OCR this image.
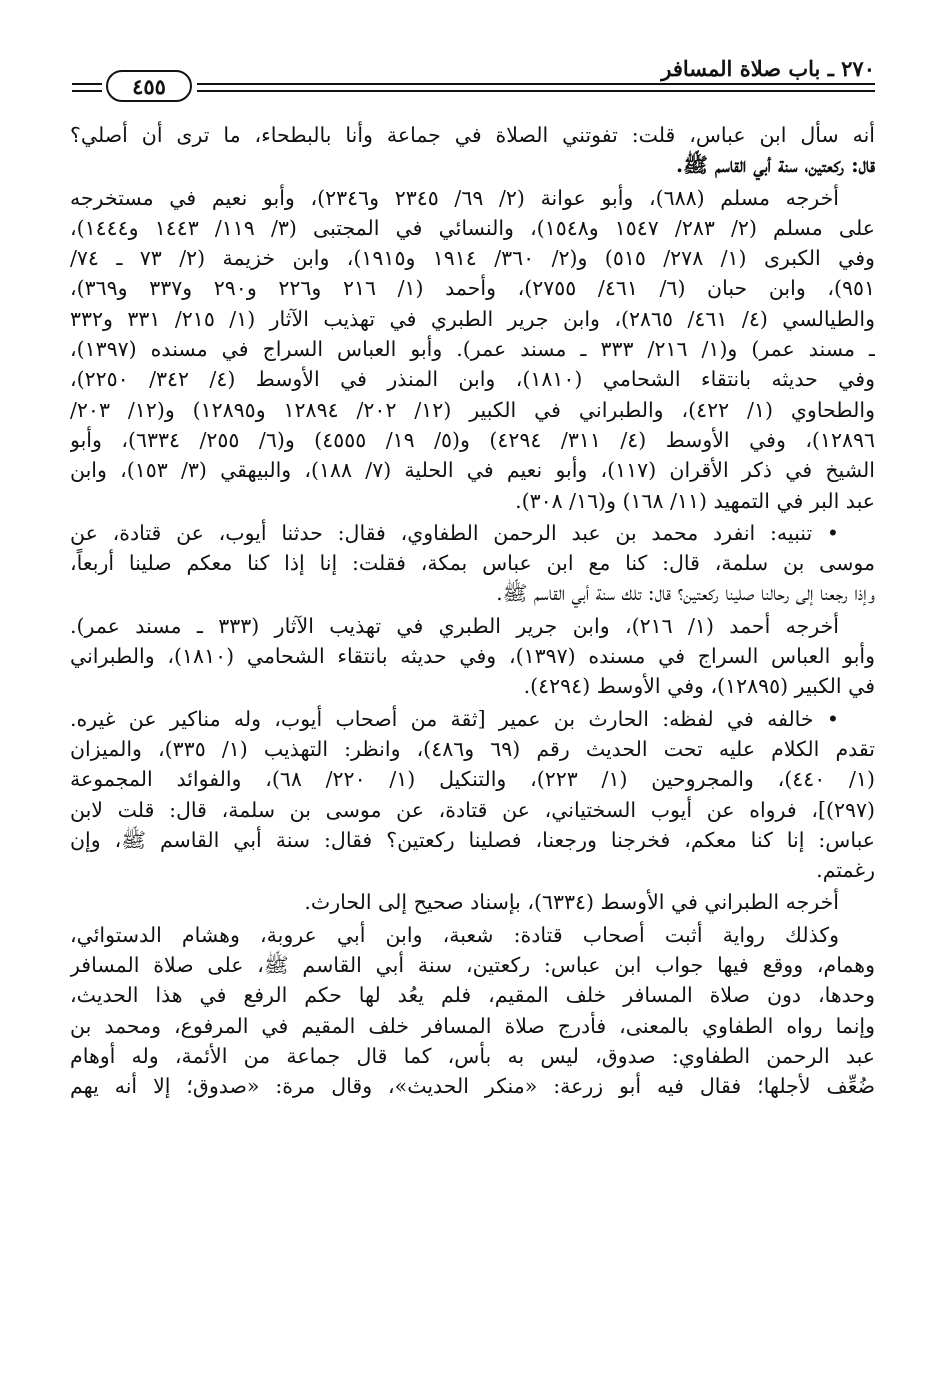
٢٧٠ ـ باب صلاة المسافر
٤٥٥
أنه سأل ابن عباس، قلت: تفوتني الصلاة في جماعة وأنا بالبطحاء، ما ترى أن أصلي؟
قال: ركعتين، سنة أبي القاسم ﷺ.
أخرجه مسلم (٦٨٨)، وأبو عوانة (٢/ ٦٩/ ٢٣٤٥ و٢٣٤٦)، وأبو نعيم في مستخرجه
على مسلم (٢/ ٢٨٣/ ١٥٤٧ و١٥٤٨)، والنسائي في المجتبى (٣/ ١١٩/ ١٤٤٣ و١٤٤٤)،
وفي الكبرى (١/ ٢٧٨/ ٥١٥) و(٢/ ٣٦٠/ ١٩١٤ و١٩١٥)، وابن خزيمة (٢/ ٧٣ ـ ٧٤/
٩٥١)، وابن حبان (٦/ ٤٦١/ ٢٧٥٥)، وأحمد (١/ ٢١٦ و٢٢٦ و٢٩٠ و٣٣٧ و٣٦٩)،
والطيالسي (٤/ ٤٦١/ ٢٨٦٥)، وابن جرير الطبري في تهذيب الآثار (١/ ٢١٥/ ٣٣١ و٣٣٢
ـ مسند عمر) و(١/ ٢١٦/ ٣٣٣ ـ مسند عمر). وأبو العباس السراج في مسنده (١٣٩٧)،
وفي حديثه بانتقاء الشحامي (١٨١٠)، وابن المنذر في الأوسط (٤/ ٣٤٢/ ٢٢٥٠)،
والطحاوي (١/ ٤٢٢)، والطبراني في الكبير (١٢/ ٢٠٢/ ١٢٨٩٤ و١٢٨٩٥) و(١٢/ ٢٠٣/
١٢٨٩٦)، وفي الأوسط (٤/ ٣١١/ ٤٢٩٤) و(٥/ ١٩/ ٤٥٥٥) و(٦/ ٢٥٥/ ٦٣٣٤)، وأبو
الشيخ في ذكر الأقران (١١٧)، وأبو نعيم في الحلية (٧/ ١٨٨)، والبيهقي (٣/ ١٥٣)، وابن
عبد البر في التمهيد (١١/ ١٦٨) و(١٦/ ٣٠٨).
• تنبيه: انفرد محمد بن عبد الرحمن الطفاوي، فقال: حدثنا أيوب، عن قتادة، عن
موسى بن سلمة، قال: كنا مع ابن عباس بمكة، فقلت: إنا إذا كنا معكم صلينا أربعاً،
وإذا رجعنا إلى رحالنا صلينا ركعتين؟ قال: تلك سنة أبي القاسم ﷺ.
أخرجه أحمد (١/ ٢١٦)، وابن جرير الطبري في تهذيب الآثار (٣٣٣ ـ مسند عمر).
وأبو العباس السراج في مسنده (١٣٩٧)، وفي حديثه بانتقاء الشحامي (١٨١٠)، والطبراني
في الكبير (١٢٨٩٥)، وفي الأوسط (٤٢٩٤).
• خالفه في لفظه: الحارث بن عمير [ثقة من أصحاب أيوب، وله مناكير عن غيره.
تقدم الكلام عليه تحت الحديث رقم (٦٩ و٤٨٦)، وانظر: التهذيب (١/ ٣٣٥)، والميزان
(١/ ٤٤٠)، والمجروحين (١/ ٢٢٣)، والتنكيل (١/ ٢٢٠/ ٦٨)، والفوائد المجموعة
(٢٩٧)]، فرواه عن أيوب السختياني، عن قتادة، عن موسى بن سلمة، قال: قلت لابن
عباس: إنا كنا معكم، فخرجنا ورجعنا، فصلينا ركعتين؟ فقال: سنة أبي القاسم ﷺ، وإن
رغمتم.
أخرجه الطبراني في الأوسط (٦٣٣٤)، بإسناد صحيح إلى الحارث.
وكذلك رواية أثبت أصحاب قتادة: شعبة، وابن أبي عروبة، وهشام الدستوائي،
وهمام، ووقع فيها جواب ابن عباس: ركعتين، سنة أبي القاسم ﷺ، على صلاة المسافر
وحدها، دون صلاة المسافر خلف المقيم، فلم يعُد لها حكم الرفع في هذا الحديث،
وإنما رواه الطفاوي بالمعنى، فأدرج صلاة المسافر خلف المقيم في المرفوع، ومحمد بن
عبد الرحمن الطفاوي: صدوق، ليس به بأس، كما قال جماعة من الأئمة، وله أوهام
ضُعِّف لأجلها؛ فقال فيه أبو زرعة: «منكر الحديث»، وقال مرة: «صدوق؛ إلا أنه يهم
